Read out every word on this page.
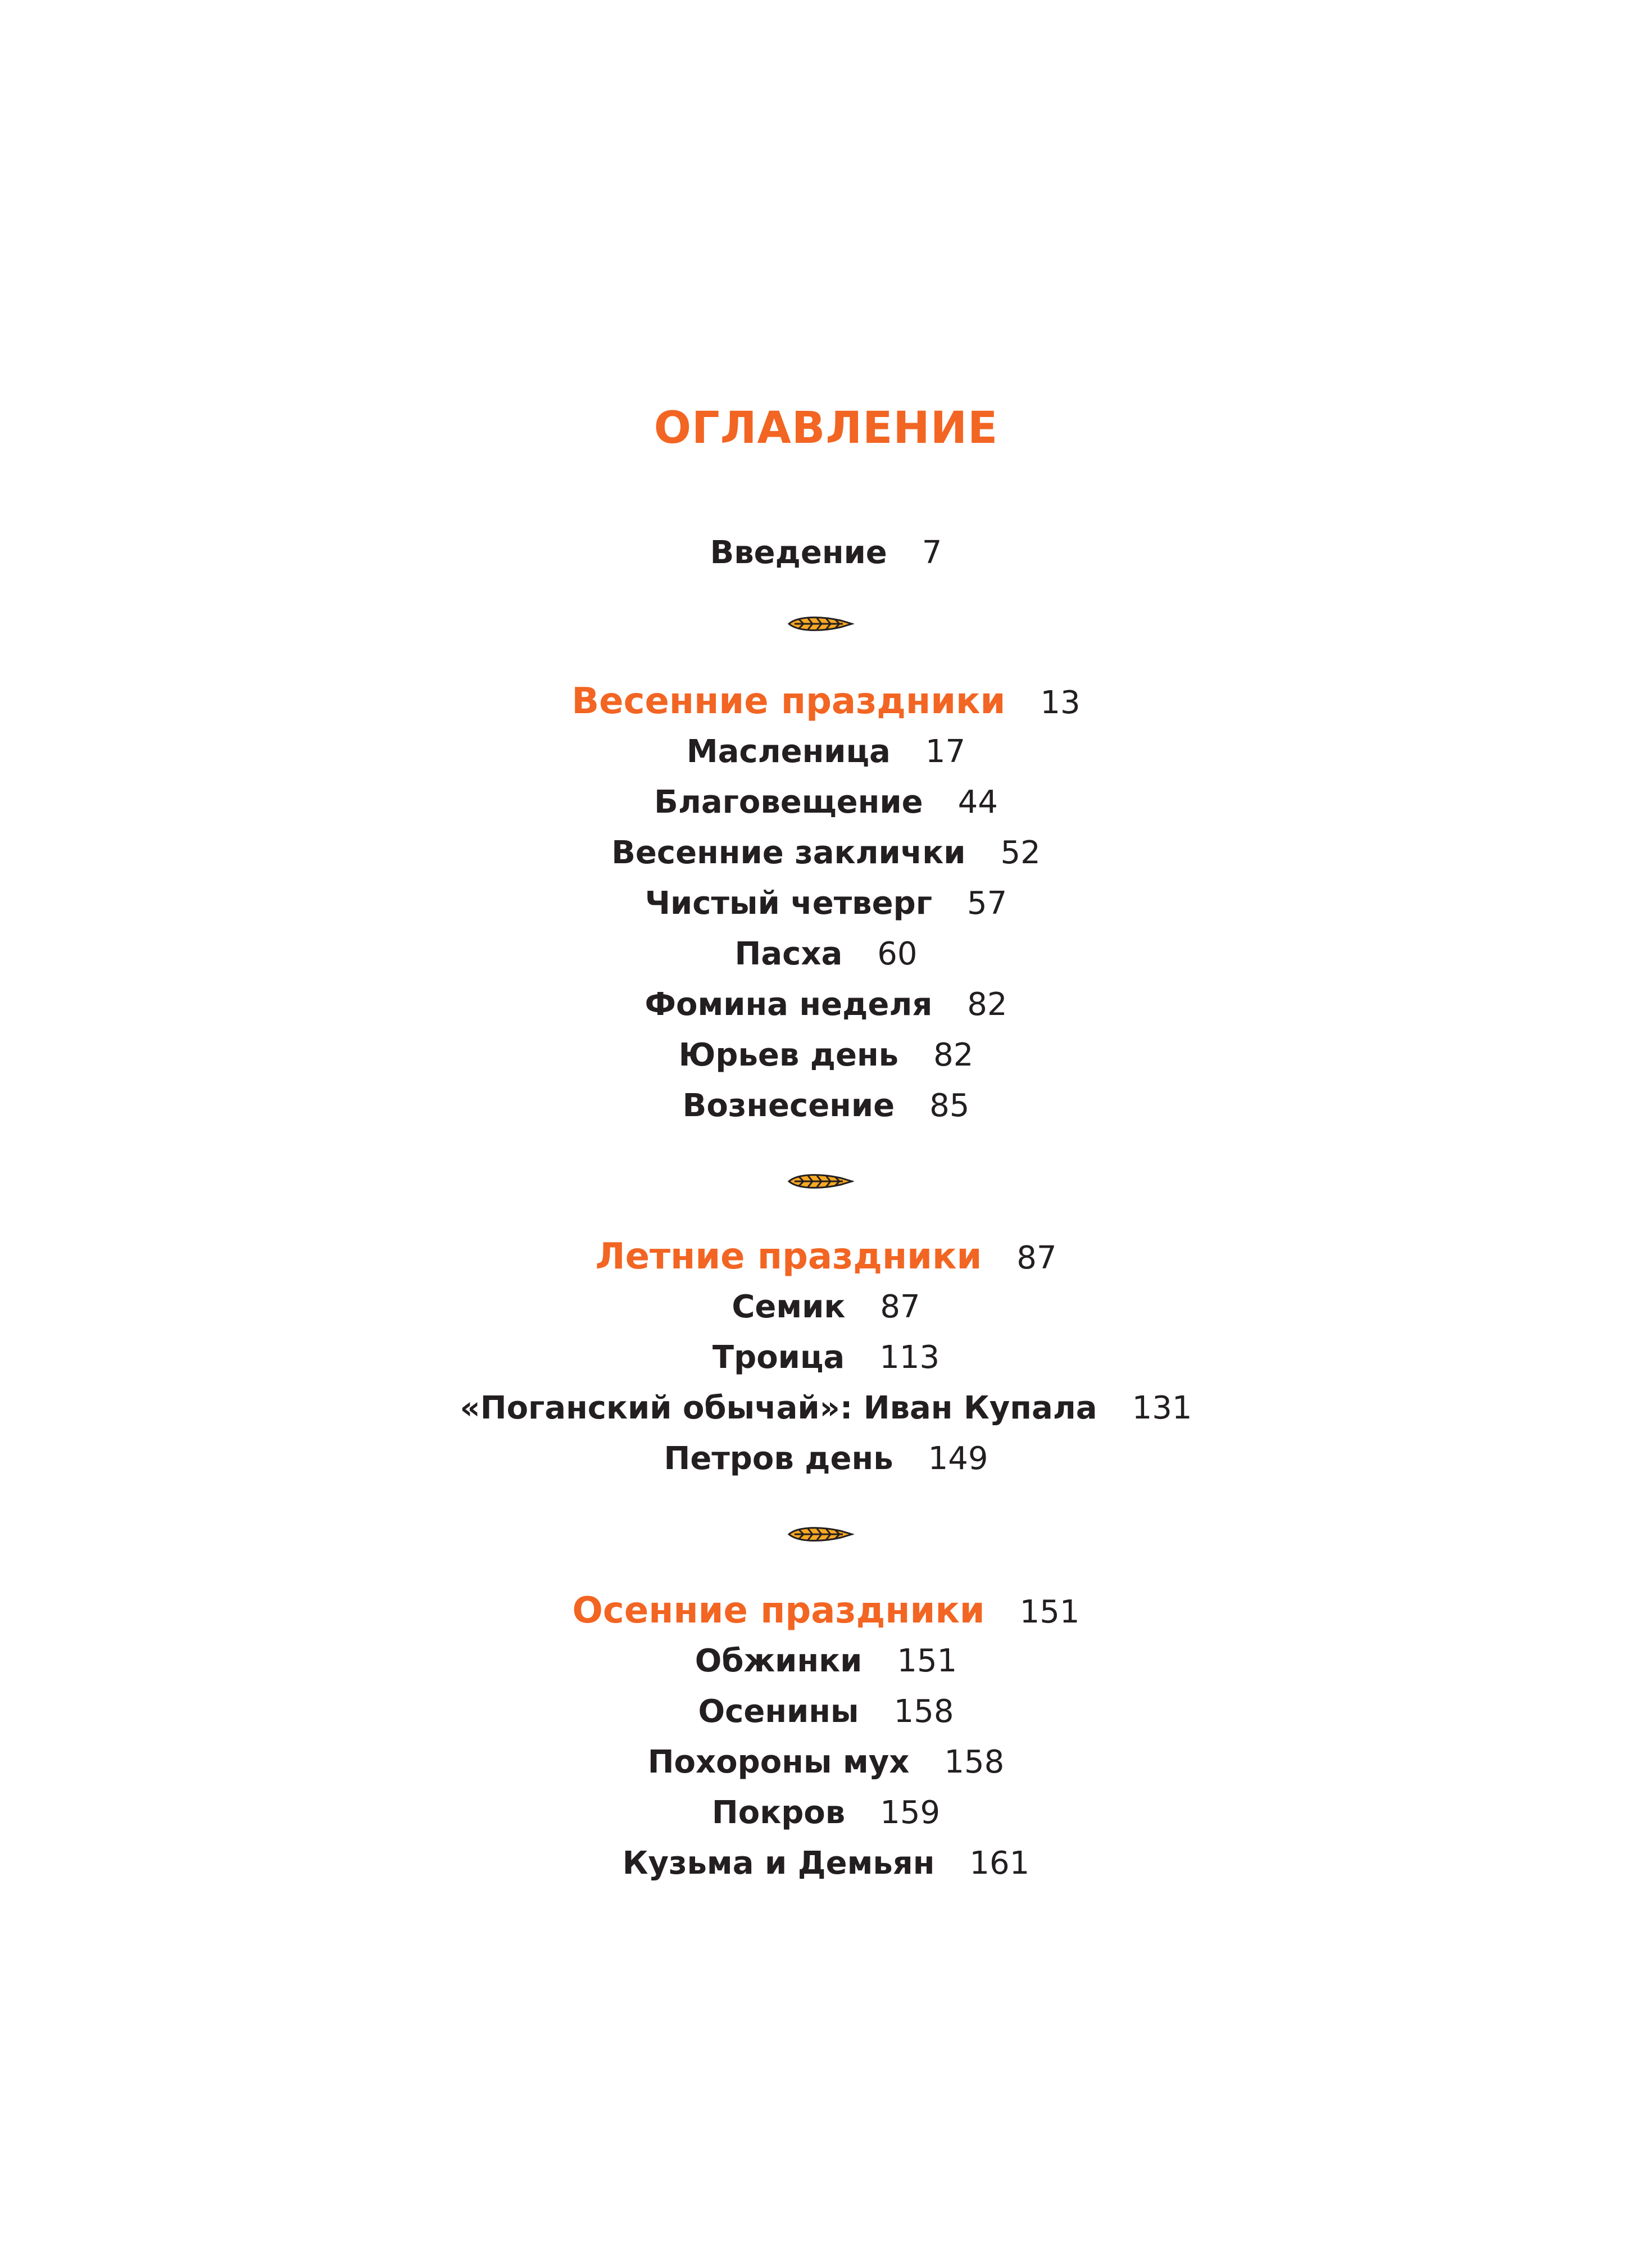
ОГЛАВЛЕНИЕ
Введение 7
Весенние праздники 13
Масленица 17
Благовещение 44
Весенние заклички 52
Чистый четверг 57
Пасха 60
Фомина неделя 82
Юрьев день 82
Вознесение 85
Летние праздники 87
Семик 87
Троица 113
«Поганский обычай»: Иван Купала 131
Петров день 149
Осенние праздники 151
Обжинки 151
Осенины 158
Похороны мух 158
Покров 159
Кузьма и Демьян 161
